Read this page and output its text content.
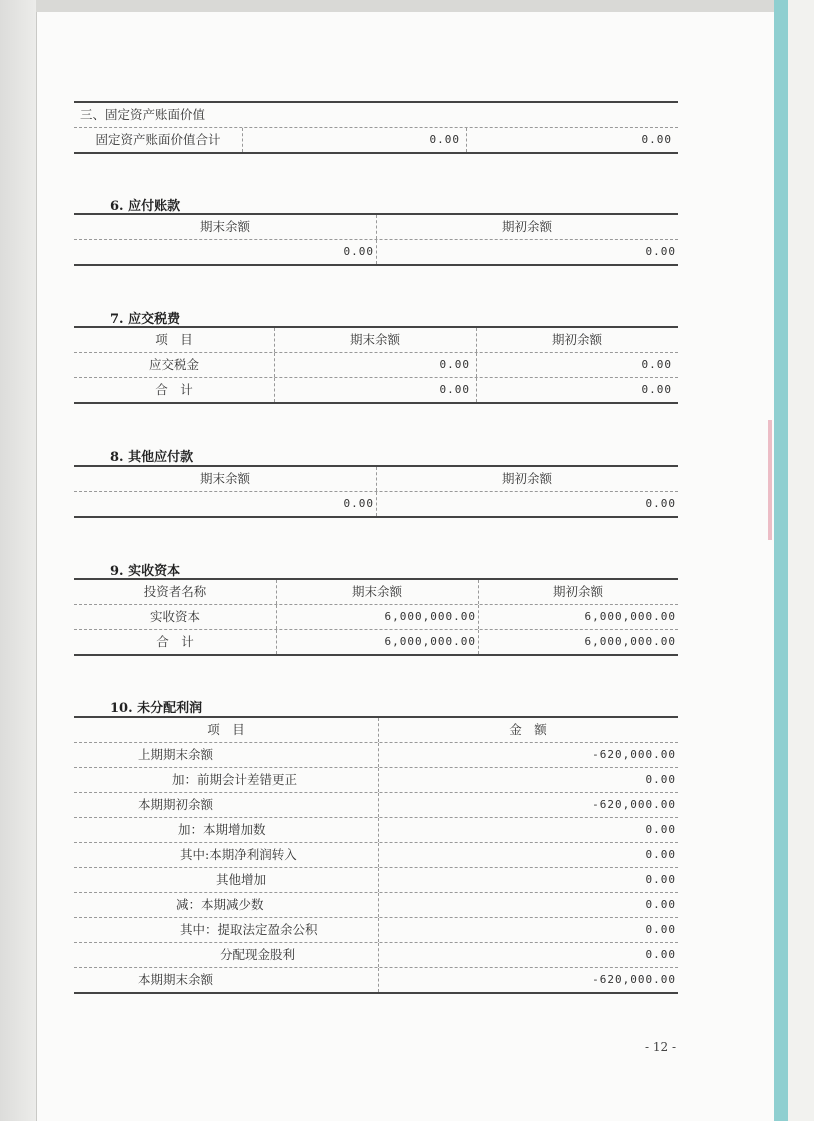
三、固定资产账面价值
固定资产账面价值合计	0.00	0.00
6. 应付账款
期末余额	期初余额
0.00	0.00
7. 应交税费
项　目	期末余额	期初余额
应交税金	0.00	0.00
合　计	0.00	0.00
8. 其他应付款
期末余额	期初余额
0.00	0.00
9. 实收资本
投资者名称	期末余额	期初余额
实收资本	6,000,000.00	6,000,000.00
合　计	6,000,000.00	6,000,000.00
10. 未分配利润
项　目	金　额
上期期末余额	-620,000.00
加：前期会计差错更正	0.00
本期期初余额	-620,000.00
加：本期增加数	0.00
其中:本期净利润转入	0.00
其他增加	0.00
减：本期减少数	0.00
其中：提取法定盈余公积	0.00
分配现金股利	0.00
本期期末余额	-620,000.00
- 12 -
